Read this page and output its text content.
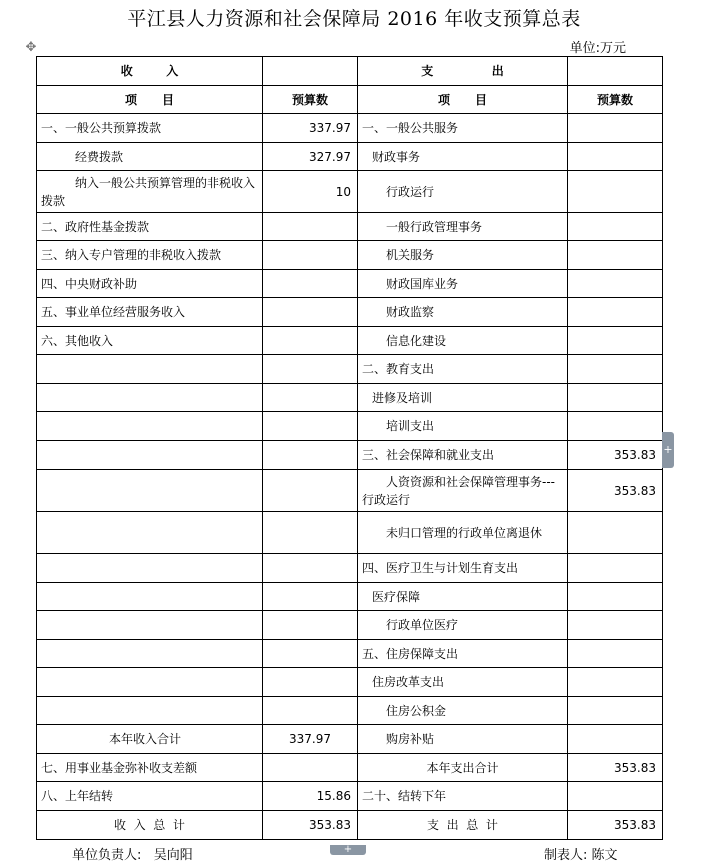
✥
平江县人力资源和社会保障局 2016 年收支预算总表
单位:万元
收        入		支              出	
项      目	预算数	项      目	预算数
一、一般公共预算拨款	337.97	一、一般公共服务	
经费拨款	327.97	财政事务	
纳入一般公共预算管理的非税收入拨款	10	行政运行	
二、政府性基金拨款		一般行政管理事务	
三、纳入专户管理的非税收入拨款		机关服务	
四、中央财政补助		财政国库业务	
五、事业单位经营服务收入		财政监察	
六、其他收入		信息化建设	
		二、教育支出	
		进修及培训	
		培训支出	
		三、社会保障和就业支出	353.83
		人资资源和社会保障管理事务---行政运行	353.83
		未归口管理的行政单位离退休	
		四、医疗卫生与计划生育支出	
		医疗保障	
		行政单位医疗	
		五、住房保障支出	
		住房改革支出	
		住房公积金	
本年收入合计	337.97	购房补贴	
七、用事业基金弥补收支差额		本年支出合计	353.83
八、上年结转	15.86	二十、结转下年	
收  入  总  计	353.83	支  出  总  计	353.83
单位负责人:   吴向阳	制表人: 陈文
+
+
